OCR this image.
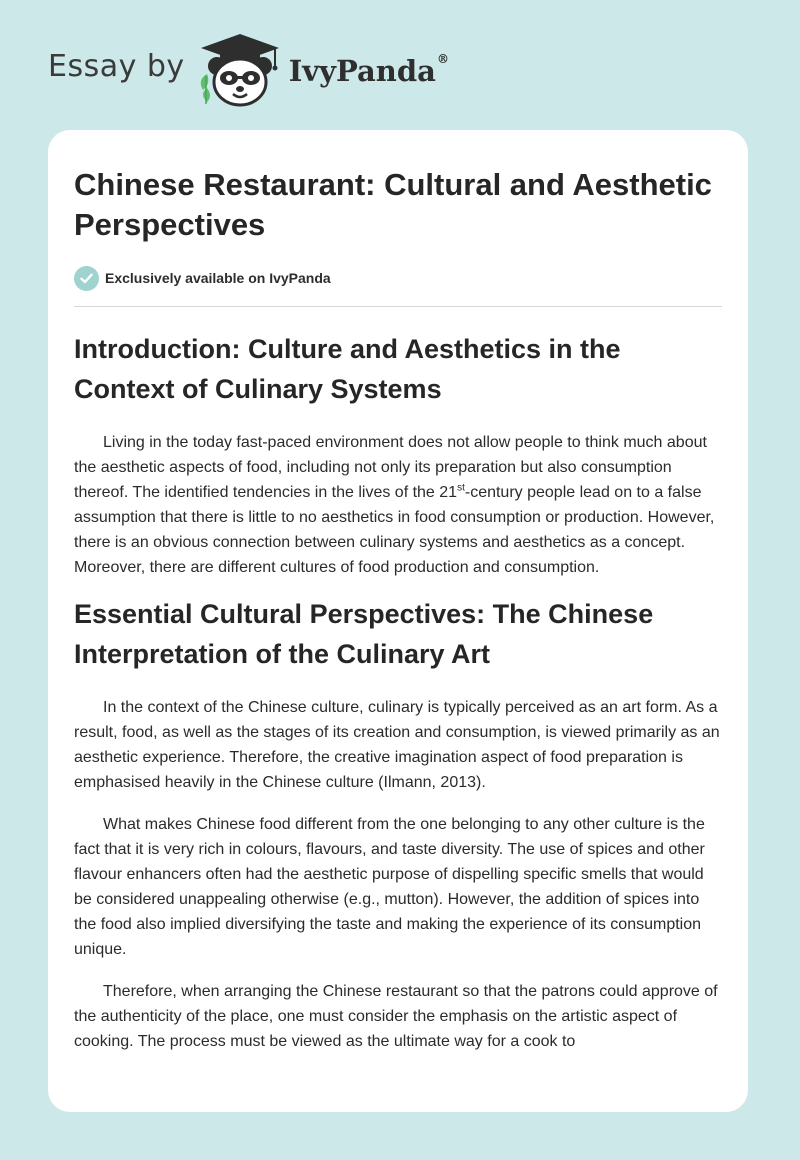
Essay by	IvyPanda®
Chinese Restaurant: Cultural and Aesthetic Perspectives
Exclusively available on IvyPanda
Introduction: Culture and Aesthetics in the Context of Culinary Systems

Living in the today fast-paced environment does not allow people to think much about the aesthetic aspects of food, including not only its preparation but also consumption thereof. The identified tendencies in the lives of the 21st-century people lead on to a false assumption that there is little to no aesthetics in food consumption or production. However, there is an obvious connection between culinary systems and aesthetics as a concept. Moreover, there are different cultures of food production and consumption.

Essential Cultural Perspectives: The Chinese Interpretation of the Culinary Art

In the context of the Chinese culture, culinary is typically perceived as an art form. As a result, food, as well as the stages of its creation and consumption, is viewed primarily as an aesthetic experience. Therefore, the creative imagination aspect of food preparation is emphasised heavily in the Chinese culture (Ilmann, 2013).

What makes Chinese food different from the one belonging to any other culture is the fact that it is very rich in colours, flavours, and taste diversity. The use of spices and other flavour enhancers often had the aesthetic purpose of dispelling specific smells that would be considered unappealing otherwise (e.g., mutton). However, the addition of spices into the food also implied diversifying the taste and making the experience of its consumption unique.

Therefore, when arranging the Chinese restaurant so that the patrons could approve of the authenticity of the place, one must consider the emphasis on the artistic aspect of cooking. The process must be viewed as the ultimate way for a cook to
